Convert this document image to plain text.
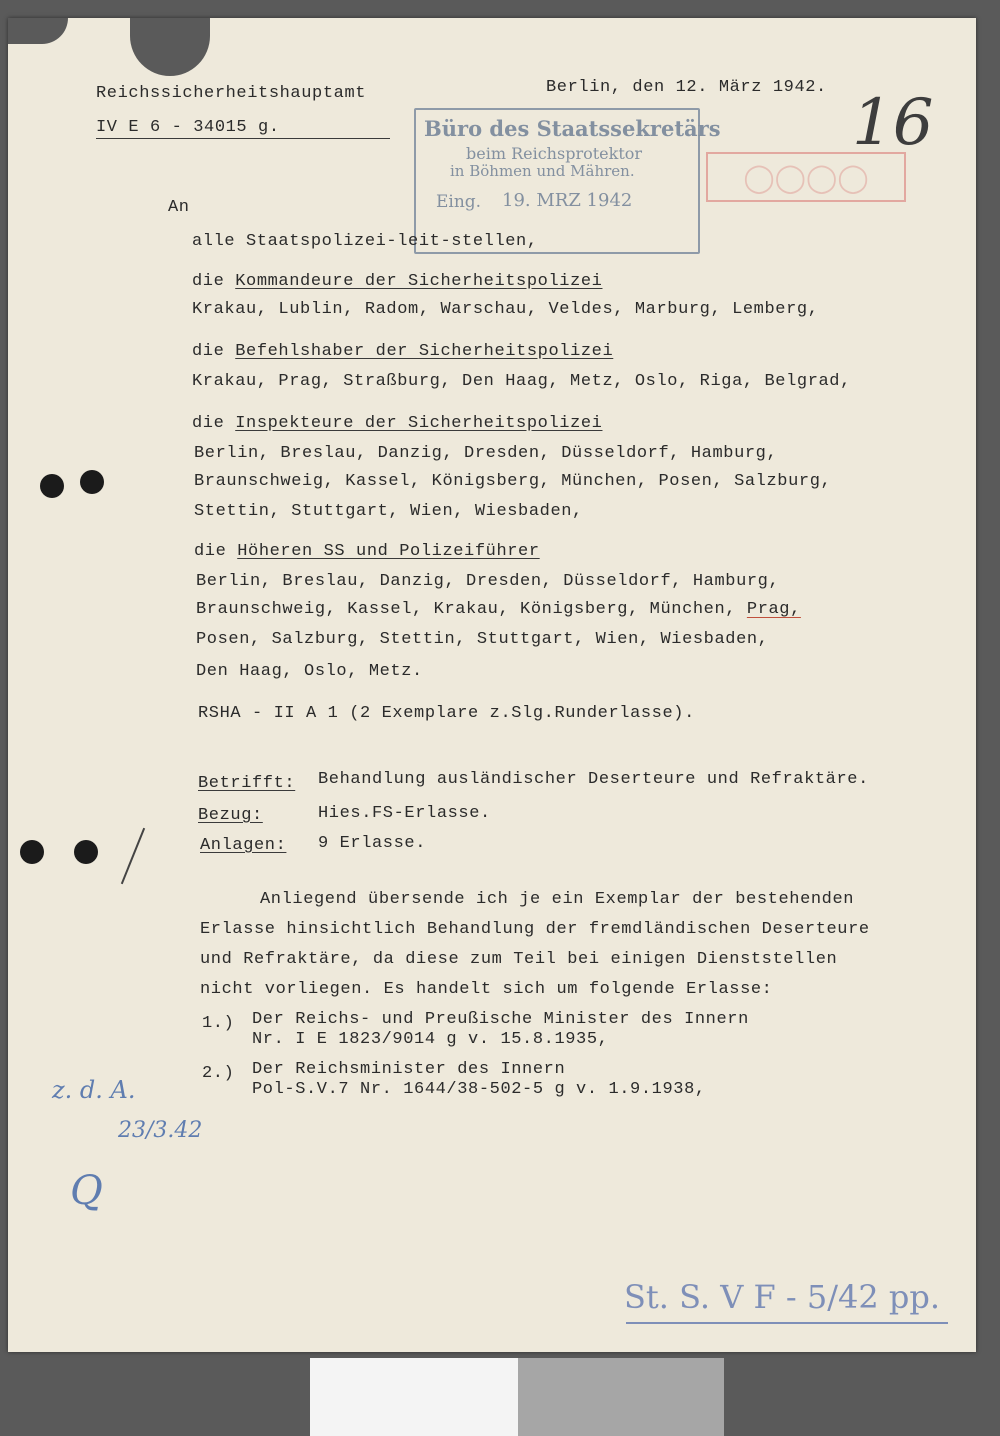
Reichssicherheitshauptamt
IV E 6 - 34015 g.
Berlin, den 12. März 1942.
Büro des Staatssekretärs
beim Reichsprotektor
in Böhmen und Mähren.
Eing. 19. MRZ 1942
◯◯◯◯
16
An
alle Staatspolizei-leit-stellen,
die Kommandeure der Sicherheitspolizei
Krakau, Lublin, Radom, Warschau, Veldes, Marburg, Lemberg,
die Befehlshaber der Sicherheitspolizei
Krakau, Prag, Straßburg, Den Haag, Metz, Oslo, Riga, Belgrad,
die Inspekteure der Sicherheitspolizei
Berlin, Breslau, Danzig, Dresden, Düsseldorf, Hamburg,
Braunschweig, Kassel, Königsberg, München, Posen, Salzburg,
Stettin, Stuttgart, Wien, Wiesbaden,
die Höheren SS und Polizeiführer
Berlin, Breslau, Danzig, Dresden, Düsseldorf, Hamburg,
Braunschweig, Kassel, Krakau, Königsberg, München, Prag,
Posen, Salzburg, Stettin, Stuttgart, Wien, Wiesbaden,
Den Haag, Oslo, Metz.
RSHA - II A 1 (2 Exemplare z.Slg.Runderlasse).
Betrifft: Behandlung ausländischer Deserteure und Refraktäre.
Bezug:	Hies.FS-Erlasse.
Anlagen: 9 Erlasse.
Anliegend übersende ich je ein Exemplar der bestehenden
Erlasse hinsichtlich Behandlung der fremdländischen Deserteure
und Refraktäre, da diese zum Teil bei einigen Dienststellen
nicht vorliegen. Es handelt sich um folgende Erlasse:
1.) Der Reichs- und Preußische Minister des Innern
Nr. I E 1823/9014 g v. 15.8.1935,
2.) Der Reichsminister des Innern
Pol-S.V.7 Nr. 1644/38-502-5 g v. 1.9.1938,
z. d. A.
23/3.42
Q
St. S. V F - 5/42 pp.
